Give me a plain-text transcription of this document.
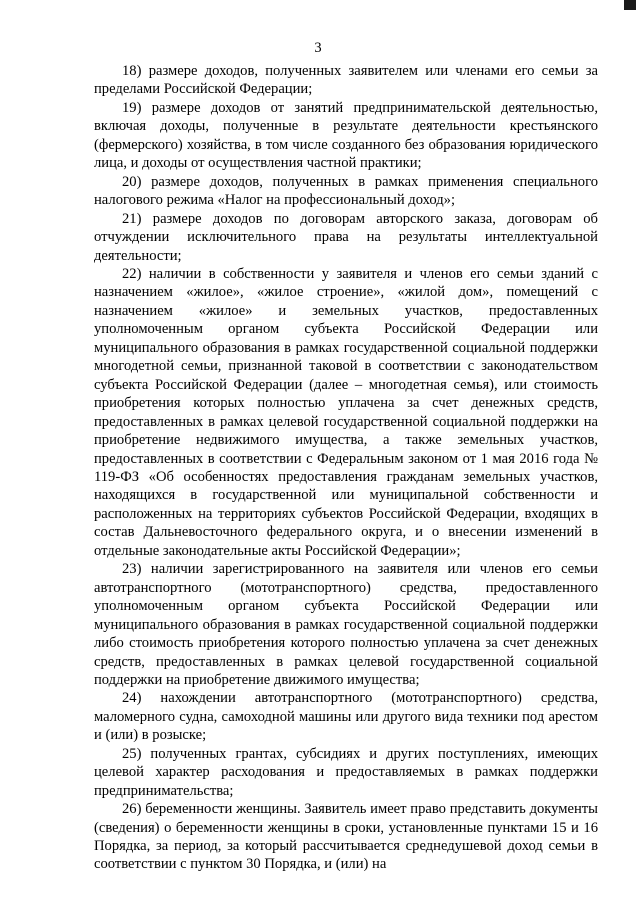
3

18) размере доходов, полученных заявителем или членами его семьи за пределами Российской Федерации;

19) размере доходов от занятий предпринимательской деятельностью, включая доходы, полученные в результате деятельности крестьянского (фермерского) хозяйства, в том числе созданного без образования юридического лица, и доходы от осуществления частной практики;

20) размере доходов, полученных в рамках применения специального налогового режима «Налог на профессиональный доход»;

21) размере доходов по договорам авторского заказа, договорам об отчуждении исключительного права на результаты интеллектуальной деятельности;

22) наличии в собственности у заявителя и членов его семьи зданий с назначением «жилое», «жилое строение», «жилой дом», помещений с назначением «жилое» и земельных участков, предоставленных уполномоченным органом субъекта Российской Федерации или муниципального образования в рамках государственной социальной поддержки многодетной семьи, признанной таковой в соответствии с законодательством субъекта Российской Федерации (далее – многодетная семья), или стоимость приобретения которых полностью уплачена за счет денежных средств, предоставленных в рамках целевой государственной социальной поддержки на приобретение недвижимого имущества, а также земельных участков, предоставленных в соответствии с Федеральным законом от 1 мая 2016 года № 119-ФЗ «Об особенностях предоставления гражданам земельных участков, находящихся в государственной или муниципальной собственности и расположенных на территориях субъектов Российской Федерации, входящих в состав Дальневосточного федерального округа, и о внесении изменений в отдельные законодательные акты Российской Федерации»;

23) наличии зарегистрированного на заявителя или членов его семьи автотранспортного (мототранспортного) средства, предоставленного уполномоченным органом субъекта Российской Федерации или муниципального образования в рамках государственной социальной поддержки либо стоимость приобретения которого полностью уплачена за счет денежных средств, предоставленных в рамках целевой государственной социальной поддержки на приобретение движимого имущества;

24) нахождении автотранспортного (мототранспортного) средства, маломерного судна, самоходной машины или другого вида техники под арестом и (или) в розыске;

25) полученных грантах, субсидиях и других поступлениях, имеющих целевой характер расходования и предоставляемых в рамках поддержки предпринимательства;

26) беременности женщины. Заявитель имеет право представить документы (сведения) о беременности женщины в сроки, установленные пунктами 15 и 16 Порядка, за период, за который рассчитывается среднедушевой доход семьи в соответствии с пунктом 30 Порядка, и (или) на
